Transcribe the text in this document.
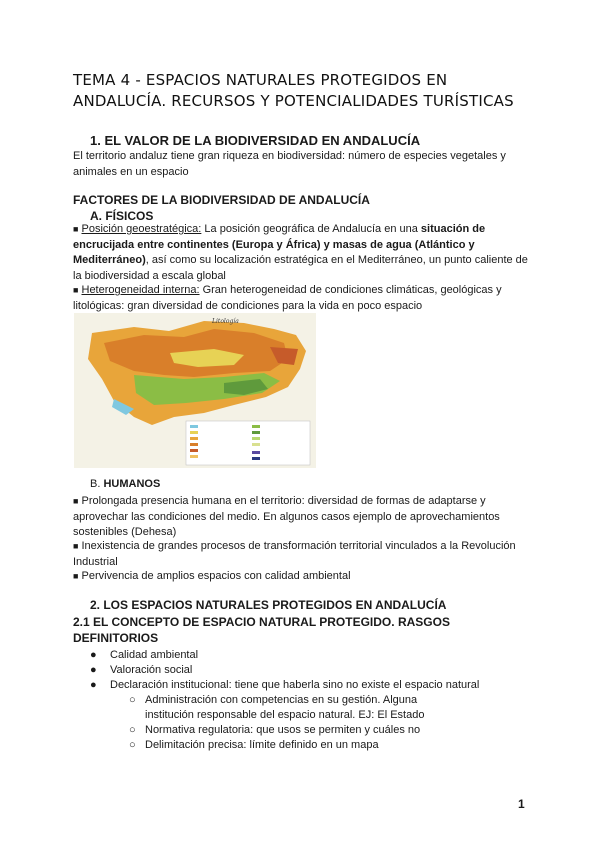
TEMA 4 - ESPACIOS NATURALES PROTEGIDOS EN ANDALUCÍA. RECURSOS Y POTENCIALIDADES TURÍSTICAS
1. EL VALOR DE LA BIODIVERSIDAD EN ANDALUCÍA
El territorio andaluz tiene gran riqueza en biodiversidad: número de especies vegetales y animales en un espacio
FACTORES DE LA BIODIVERSIDAD DE ANDALUCÍA
A. FÍSICOS
■ Posición geoestratégica: La posición geográfica de Andalucía en una situación de encrucijada entre continentes (Europa y África) y masas de agua (Atlántico y Mediterráneo), así como su localización estratégica en el Mediterráneo, un punto caliente de la biodiversidad a escala global
■ Heterogeneidad interna: Gran heterogeneidad de condiciones climáticas, geológicas y litológicas: gran diversidad de condiciones para la vida en poco espacio
Litología
B. HUMANOS
■ Prolongada presencia humana en el territorio: diversidad de formas de adaptarse y aprovechar las condiciones del medio. En algunos casos ejemplo de aprovechamientos sostenibles (Dehesa)
■ Inexistencia de grandes procesos de transformación territorial vinculados a la Revolución Industrial
■ Pervivencia de amplios espacios con calidad ambiental
2. LOS ESPACIOS NATURALES PROTEGIDOS EN ANDALUCÍA
2.1 EL CONCEPTO DE ESPACIO NATURAL PROTEGIDO. RASGOS DEFINITORIOS
● Calidad ambiental
● Valoración social
● Declaración institucional: tiene que haberla sino no existe el espacio natural
○ Administración con competencias en su gestión. Alguna institución responsable del espacio natural. EJ: El Estado
○ Normativa regulatoria: que usos se permiten y cuáles no
○ Delimitación precisa: límite definido en un mapa
1
